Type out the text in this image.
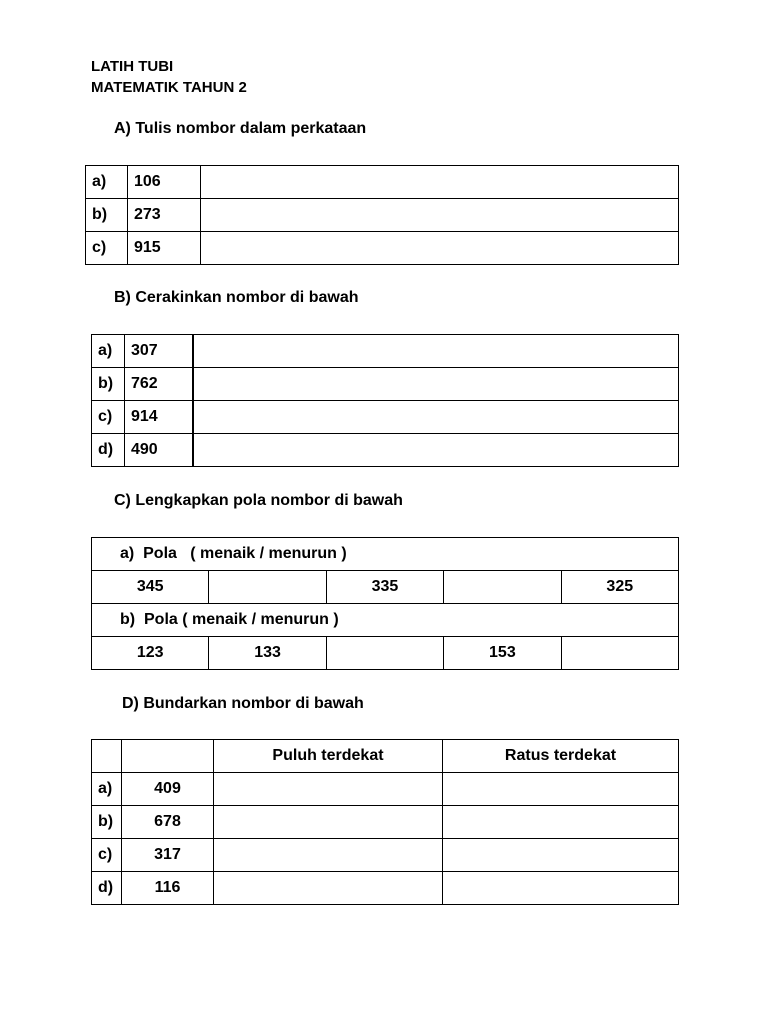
LATIH TUBI
MATEMATIK TAHUN 2
A) Tulis nombor dalam perkataan
a)	106	
b)	273	
c)	915	
B) Cerakinkan nombor di bawah
a)	307	
b)	762	
c)	914	
d)	490	
C) Lengkapkan pola nombor di bawah
a)  Pola   ( menaik / menurun )				
345		335		325
b)  Pola ( menaik / menurun )				
123	133		153	
D) Bundarkan nombor di bawah
		Puluh terdekat	Ratus terdekat
a)	409		
b)	678		
c)	317		
d)	116		
